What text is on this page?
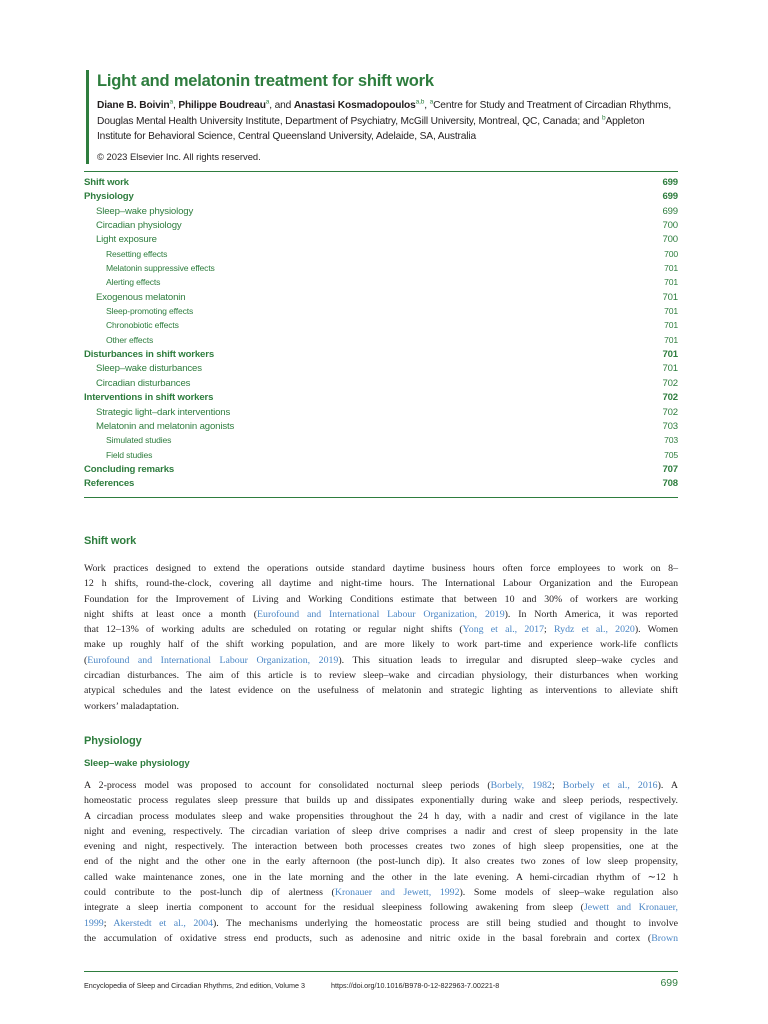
Light and melatonin treatment for shift work
Diane B. Boivin$^a$, Philippe Boudreau$^a$, and Anastasi Kosmadopoulos$^{a,b}$, $^a$Centre for Study and Treatment of Circadian Rhythms,
Douglas Mental Health University Institute, Department of Psychiatry, McGill University, Montreal, QC, Canada; and $^b$Appleton
Institute for Behavioral Science, Central Queensland University, Adelaide, SA, Australia
© 2023 Elsevier Inc. All rights reserved.
Shift work	699
Physiology	699
Sleep–wake physiology	699
Circadian physiology	700
Light exposure	700
Resetting effects	700
Melatonin suppressive effects	701
Alerting effects	701
Exogenous melatonin	701
Sleep-promoting effects	701
Chronobiotic effects	701
Other effects	701
Disturbances in shift workers	701
Sleep–wake disturbances	701
Circadian disturbances	702
Interventions in shift workers	702
Strategic light–dark interventions	702
Melatonin and melatonin agonists	703
Simulated studies	703
Field studies	705
Concluding remarks	707
References	708
Shift work
Work practices designed to extend the operations outside standard daytime business hours often force employees to work on 8–
12 h shifts, round-the-clock, covering all daytime and night-time hours. The International Labour Organization and the European
Foundation for the Improvement of Living and Working Conditions estimate that between 10 and 30% of workers are working
night shifts at least once a month (Eurofound and International Labour Organization, 2019). In North America, it was reported
that 12–13% of working adults are scheduled on rotating or regular night shifts (Yong et al., 2017; Rydz et al., 2020). Women
make up roughly half of the shift working population, and are more likely to work part-time and experience work-life conflicts
(Eurofound and International Labour Organization, 2019). This situation leads to irregular and disrupted sleep–wake cycles and
circadian disturbances. The aim of this article is to review sleep–wake and circadian physiology, their disturbances when working
atypical schedules and the latest evidence on the usefulness of melatonin and strategic lighting as interventions to alleviate shift
workers’ maladaptation.
Physiology
Sleep–wake physiology
A 2-process model was proposed to account for consolidated nocturnal sleep periods (Borbely, 1982; Borbely et al., 2016). A
homeostatic process regulates sleep pressure that builds up and dissipates exponentially during wake and sleep periods, respectively.
A circadian process modulates sleep and wake propensities throughout the 24 h day, with a nadir and crest of vigilance in the late
night and evening, respectively. The circadian variation of sleep drive comprises a nadir and crest of sleep propensity in the late
evening and night, respectively. The interaction between both processes creates two zones of high sleep propensities, one at the
end of the night and the other one in the early afternoon (the post-lunch dip). It also creates two zones of low sleep propensity,
called wake maintenance zones, one in the late morning and the other in the late evening. A hemi-circadian rhythm of ∼12 h
could contribute to the post-lunch dip of alertness (Kronauer and Jewett, 1992). Some models of sleep–wake regulation also
integrate a sleep inertia component to account for the residual sleepiness following awakening from sleep (Jewett and Kronauer,
1999; Akerstedt et al., 2004). The mechanisms underlying the homeostatic process are still being studied and thought to involve
the accumulation of oxidative stress end products, such as adenosine and nitric oxide in the basal forebrain and cortex (Brown
Encyclopedia of Sleep and Circadian Rhythms, 2nd edition, Volume 3	https://doi.org/10.1016/B978-0-12-822963-7.00221-8	699
